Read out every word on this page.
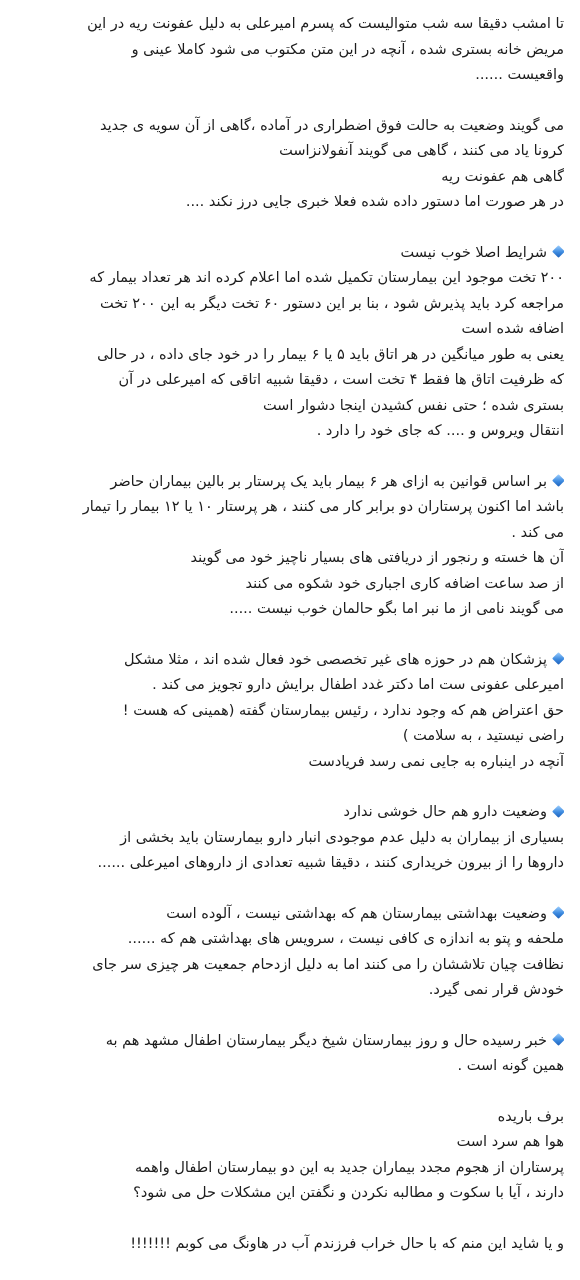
تا امشب دقیقا سه شب متوالیست که پسرم امیرعلی به دلیل عفونت ریه در این
مریض خانه بستری شده ، آنچه در این متن مکتوب می شود کاملا عینی و
واقعیست ......
می گویند وضعیت به حالت فوق اضطراری در آماده ،گاهی از آن سویه ی جدید
کرونا یاد می کنند ، گاهی می گویند آنفولانزاست
گاهی هم عفونت ریه
در هر صورت اما دستور داده شده فعلا خبری جایی درز نکند ....
شرایط اصلا خوب نیست
۲۰۰ تخت موجود این بیمارستان تکمیل شده اما اعلام کرده اند هر تعداد بیمار که
مراجعه کرد باید پذیرش شود ، بنا بر این دستور ۶۰ تخت دیگر به این ۲۰۰ تخت
اضافه شده است
یعنی به طور میانگین در هر اتاق باید ۵ یا ۶ بیمار را در خود جای داده ، در حالی
که ظرفیت اتاق ها فقط ۴ تخت است ، دقیقا شبیه اتاقی که امیرعلی در آن
بستری شده ؛ حتی نفس کشیدن اینجا دشوار است
انتقال ویروس و .... که جای خود را دارد .
بر اساس قوانین به ازای هر ۶ بیمار باید یک پرستار بر بالین بیماران حاضر
باشد اما اکنون پرستاران دو برابر کار می کنند ، هر پرستار ۱۰ یا ۱۲ بیمار را تیمار
می کند .
آن ها خسته و رنجور از دریافتی های بسیار ناچیز خود می گویند
از صد ساعت اضافه کاری اجباری خود شکوه می کنند
می گویند نامی از ما نبر اما بگو حالمان خوب نیست .....
پزشکان هم در حوزه های غیر تخصصی خود فعال شده اند ، مثلا مشکل
امیرعلی عفونی ست اما دکتر غدد اطفال برایش دارو تجویز می کند .
حق اعتراض هم که وجود ندارد ، رئیس بیمارستان گفته (همینی که هست !
راضی نیستید ، به سلامت )
آنچه در اینباره به جایی نمی رسد فریادست
وضعیت دارو هم حال خوشی ندارد
بسیاری از بیماران به دلیل عدم موجودی انبار دارو بیمارستان باید بخشی از
داروها را از بیرون خریداری کنند ، دقیقا شبیه تعدادی از داروهای امیرعلی ......
وضعیت بهداشتی بیمارستان هم که بهداشتی نیست ، آلوده است
ملحفه و پتو به اندازه ی کافی نیست ، سرویس های بهداشتی هم که ......
نظافت چیان تلاششان را می کنند اما به دلیل ازدحام جمعیت هر چیزی سر جای
خودش قرار نمی گیرد.
خبر رسیده حال و روز بیمارستان شیخ دیگر بیمارستان اطفال مشهد هم به
همین گونه است .
برف باریده
هوا هم سرد است
پرستاران از هجوم مجدد بیماران جدید به این دو بیمارستان اطفال واهمه
دارند ، آیا با سکوت و مطالبه نکردن و نگفتن این مشکلات حل می شود؟
و یا شاید این منم که با حال خراب فرزندم آب در هاونگ می کوبم !!!!!!!
